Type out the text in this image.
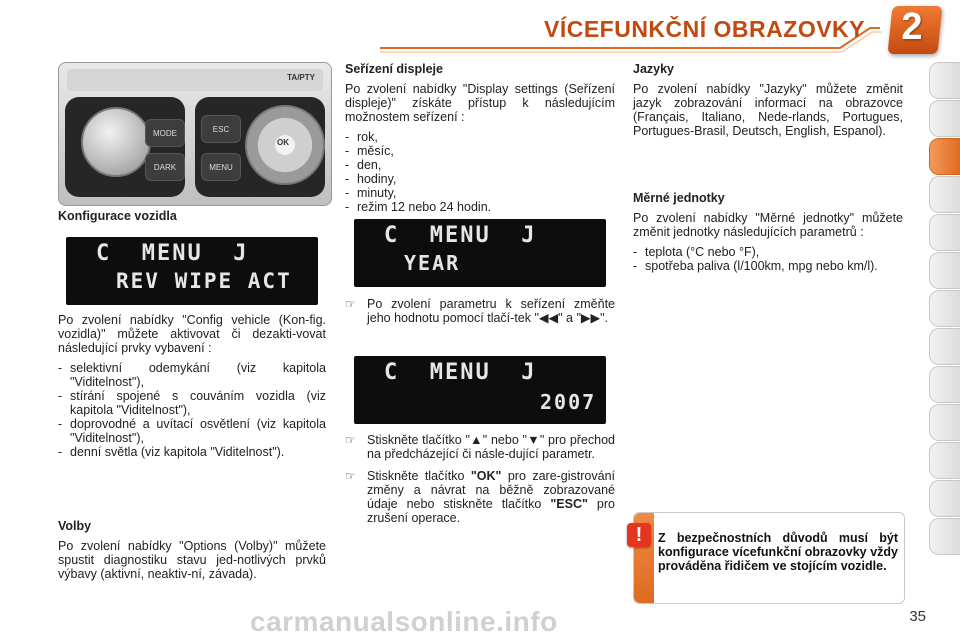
VÍCEFUNKČNÍ OBRAZOVKY 2
TA/PTY
MODE
DARK
ESC
MENU
OK
Konfigurace vozidla
C  MENU  J
REV WIPE ACT

Po zvolení nabídky "Config vehicle (Kon-fig. vozidla)" můžete aktivovat či dezakti-vovat následující prvky vybavení :

- selektivní odemykání (viz kapitola "Viditelnost"),
- stírání spojené s couváním vozidla (viz kapitola "Viditelnost"),
- doprovodné a uvítací osvětlení (viz kapitola "Viditelnost"),
- denní světla (viz kapitola "Viditelnost").
Volby

Po zvolení nabídky "Options (Volby)" můžete spustit diagnostiku stavu jed-notlivých prvků výbavy (aktivní, neaktiv-ní, závada).

Seřízení displeje

Po zvolení nabídky "Display settings (Seřízení displeje)" získáte přístup k následujícím možnostem seřízení :

- rok,
- měsíc,
- den,
- hodiny,
- minuty,
- režim 12 nebo 24 hodin.
C  MENU  J
YEAR
☞ Po zvolení parametru k seřízení změňte jeho hodnotu pomocí tlačí-tek "◀◀" a "▶▶".
C  MENU  J
2007
☞ Stiskněte tlačítko "▲" nebo "▼" pro přechod na předcházející či násle-dující parametr.
☞ Stiskněte tlačítko "OK" pro zare-gistrování změny a návrat na běžně zobrazované údaje nebo stiskněte tlačítko "ESC" pro zrušení operace.
Jazyky

Po zvolení nabídky "Jazyky" můžete změnit jazyk zobrazování informací na obrazovce (Français, Italiano, Nede-rlands, Portugues, Portugues-Brasil, Deutsch, English, Espanol).

Měrné jednotky

Po zvolení nabídky "Měrné jednotky" můžete změnit jednotky následujících parametrů :

- teplota (°C nebo °F),
- spotřeba paliva (l/100km, mpg nebo km/l).
!	Z bezpečnostních důvodů musí být konfigurace vícefunkční obrazovky vždy prováděna řidičem ve stojícím vozidle.
carmanualsonline.info	35
